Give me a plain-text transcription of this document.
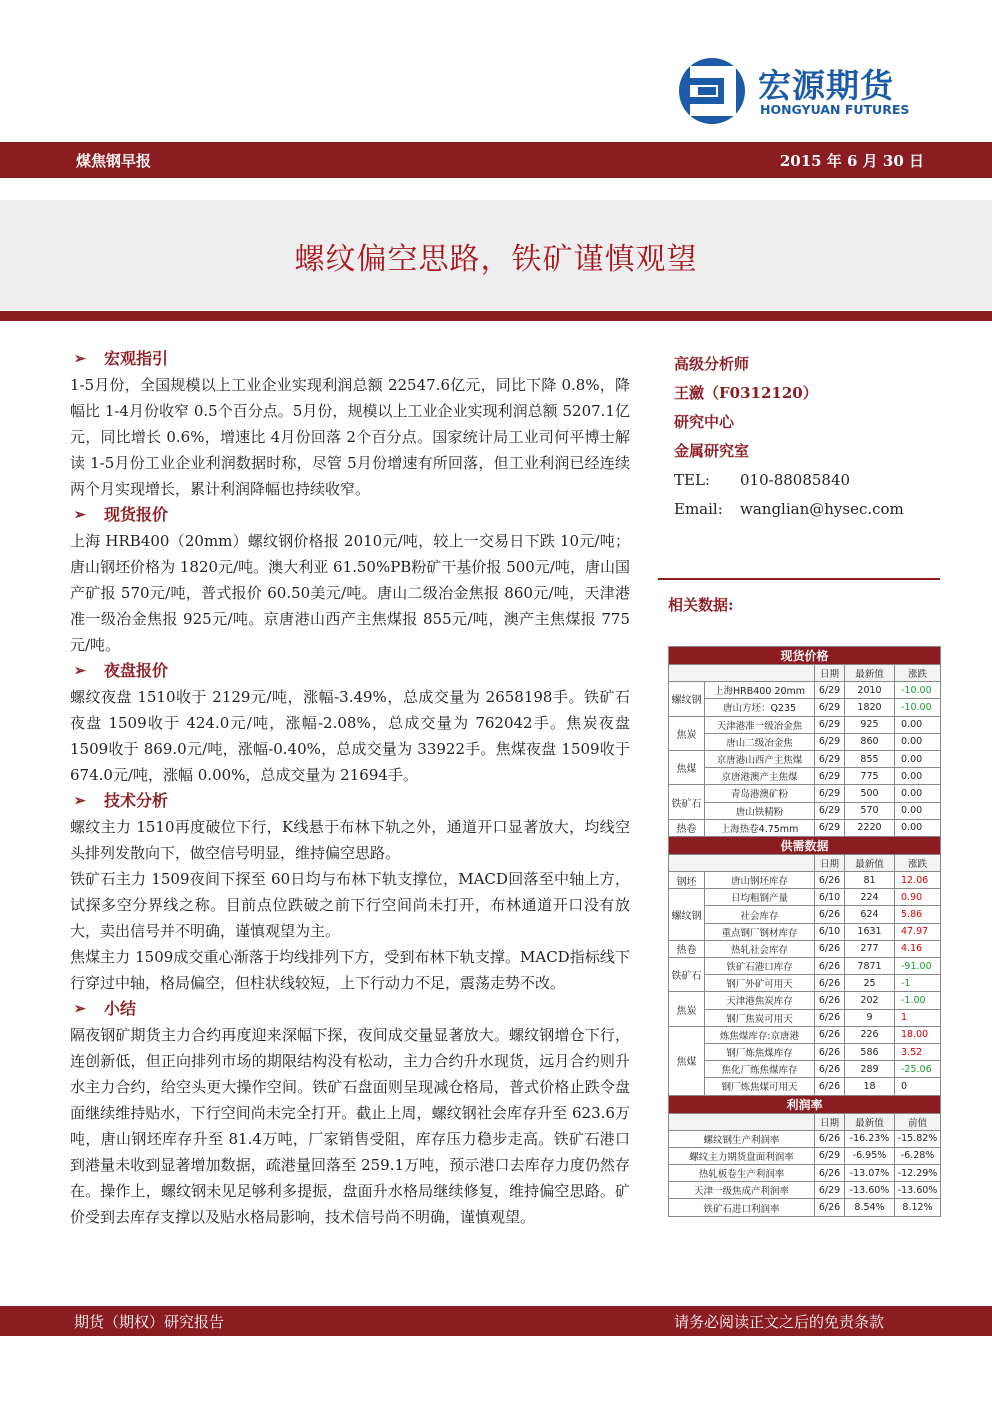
宏源期货
HONGYUAN FUTURES
煤焦钢早报	2015 年 6 月 30 日
螺纹偏空思路，铁矿谨慎观望
➢	宏观指引

1-5月份，全国规模以上工业企业实现利润总额 22547.6亿元，同比下降 0.8%，降幅比 1-4月份收窄 0.5个百分点。5月份，规模以上工业企业实现利润总额 5207.1亿元，同比增长 0.6%，增速比 4月份回落 2个百分点。国家统计局工业司何平博士解读 1-5月份工业企业利润数据时称，尽管 5月份增速有所回落，但工业利润已经连续两个月实现增长，累计利润降幅也持续收窄。

➢	现货报价

上海 HRB400（20mm）螺纹钢价格报 2010元/吨，较上一交易日下跌 10元/吨；唐山钢坯价格为 1820元/吨。澳大利亚 61.50%PB粉矿干基价报 500元/吨，唐山国产矿报 570元/吨，普式报价 60.50美元/吨。唐山二级冶金焦报 860元/吨，天津港准一级冶金焦报 925元/吨。京唐港山西产主焦煤报 855元/吨，澳产主焦煤报 775元/吨。

➢	夜盘报价

螺纹夜盘 1510收于 2129元/吨，涨幅-3.49%，总成交量为 2658198手。铁矿石夜盘 1509收于 424.0元/吨，涨幅-2.08%，总成交量为 762042手。焦炭夜盘 1509收于 869.0元/吨，涨幅-0.40%，总成交量为 33922手。焦煤夜盘 1509收于 674.0元/吨，涨幅 0.00%，总成交量为 21694手。

➢	技术分析

螺纹主力 1510再度破位下行，K线悬于布林下轨之外，通道开口显著放大，均线空头排列发散向下，做空信号明显，维持偏空思路。

铁矿石主力 1509夜间下探至 60日均与布林下轨支撑位，MACD回落至中轴上方，试探多空分界线之称。目前点位跌破之前下行空间尚未打开，布林通道开口没有放大，卖出信号并不明确，谨慎观望为主。

焦煤主力 1509成交重心渐落于均线排列下方，受到布林下轨支撑。MACD指标线下行穿过中轴，格局偏空，但柱状线较短，上下行动力不足，震荡走势不改。

➢	小结

隔夜钢矿期货主力合约再度迎来深幅下探，夜间成交量显著放大。螺纹钢增仓下行，连创新低，但正向排列市场的期限结构没有松动，主力合约升水现货，远月合约则升水主力合约，给空头更大操作空间。铁矿石盘面则呈现减仓格局，普式价格止跌令盘面继续维持贴水，下行空间尚未完全打开。截止上周，螺纹钢社会库存升至 623.6万吨，唐山钢坯库存升至 81.4万吨，厂家销售受阻，库存压力稳步走高。铁矿石港口到港量未收到显著增加数据，疏港量回落至 259.1万吨，预示港口去库存力度仍然存在。操作上，螺纹钢未见足够利多提振，盘面升水格局继续修复，维持偏空思路。矿价受到去库存支撑以及贴水格局影响，技术信号尚不明确，谨慎观望。

高级分析师
王瀲（F0312120）
研究中心
金属研究室
TEL:	010-88085840
Email:	wanglian@hysec.com
相关数据:
现货价格				
		日期	最新值	涨跌
螺纹钢	上海HRB400 20mm	6/29	2010	-10.00
	唐山方坯：Q235	6/29	1820	-10.00
焦炭	天津港准一级冶金焦	6/29	925	0.00
	唐山二级冶金焦	6/29	860	0.00
焦煤	京唐港山西产主焦煤	6/29	855	0.00
	京唐港澳产主焦煤	6/29	775	0.00
铁矿石	青岛港澳矿粉	6/29	500	0.00
	唐山铁精粉	6/29	570	0.00
热卷	上海热卷4.75mm	6/29	2220	0.00
供需数据				
		日期	最新值	涨跌
钢坯	唐山钢坯库存	6/26	81	12.06
螺纹钢	日均粗钢产量	6/10	224	0.90
	社会库存	6/26	624	5.86
	重点钢厂钢材库存	6/10	1631	47.97
热卷	热轧社会库存	6/26	277	4.16
铁矿石	铁矿石港口库存	6/26	7871	-91.00
	钢厂外矿可用天	6/26	25	-1
焦炭	天津港焦炭库存	6/26	202	-1.00
	钢厂焦炭可用天	6/26	9	1
焦煤	炼焦煤库存:京唐港	6/26	226	18.00
	钢厂炼焦煤库存	6/26	586	3.52
	焦化厂炼焦煤库存	6/26	289	-25.06
	钢厂炼焦煤可用天	6/26	18	0
利润率				
		日期	最新值	前值
螺纹钢生产利润率		6/26	-16.23%	-15.82%
螺纹主力期货盘面利润率		6/29	-6.95%	-6.28%
热轧板卷生产利润率		6/26	-13.07%	-12.29%
天津一级焦成产利润率		6/29	-13.60%	-13.60%
铁矿石进口利润率		6/26	8.54%	8.12%
期货（期权）研究报告	请务必阅读正文之后的免责条款
